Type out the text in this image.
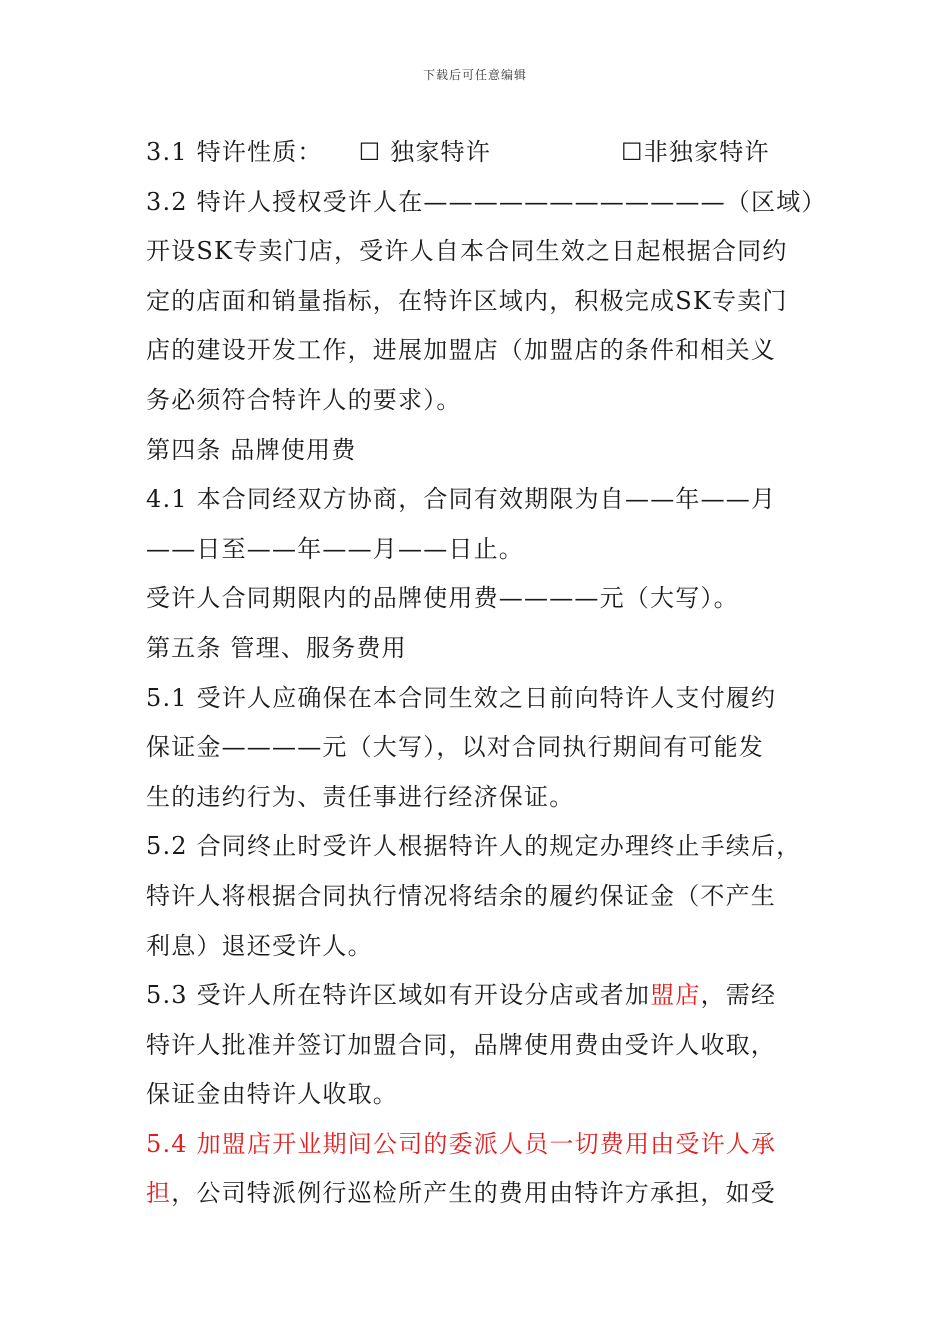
下载后可任意编辑
3.1 特许性质： ☐ 独家特许	☐非独家特许
3.2 特许人授权受许人在————————————（区域）
开设SK专卖门店，受许人自本合同生效之日起根据合同约
定的店面和销量指标，在特许区域内，积极完成SK专卖门
店的建设开发工作，进展加盟店（加盟店的条件和相关义
务必须符合特许人的要求）。
第四条 品牌使用费
4.1 本合同经双方协商，合同有效期限为自——年——月
——日至——年——月——日止。
受许人合同期限内的品牌使用费————元（大写）。
第五条 管理、服务费用
5.1 受许人应确保在本合同生效之日前向特许人支付履约
保证金————元（大写），以对合同执行期间有可能发
生的违约行为、责任事进行经济保证。
5.2 合同终止时受许人根据特许人的规定办理终止手续后，
特许人将根据合同执行情况将结余的履约保证金（不产生
利息）退还受许人。
5.3 受许人所在特许区域如有开设分店或者加盟店，需经
特许人批准并签订加盟合同，品牌使用费由受许人收取，
保证金由特许人收取。
5.4 加盟店开业期间公司的委派人员一切费用由受许人承
担，公司特派例行巡检所产生的费用由特许方承担，如受
